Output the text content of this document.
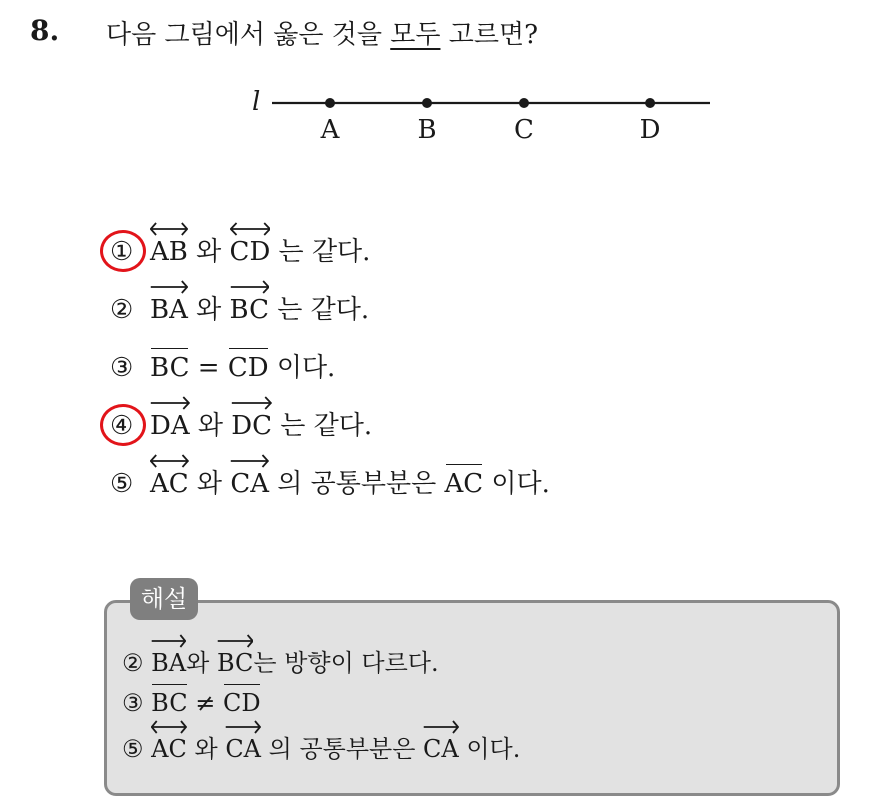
8. 다음 그림에서 옳은 것을 모두 고르면?
l
A	B	C	D
① AB
와 CD
는 같다.
② BA
와 BC
는 같다.
③ BC
= CD
이다.
④ DA
와 DC
는 같다.
⑤ AC
와 CA
의 공통부분은 AC
이다.
해설
② BA
와 BC
는 방향이 다르다.
③ BC
≠ CD
⑤ AC
와 CA
의 공통부분은 CA
이다.
